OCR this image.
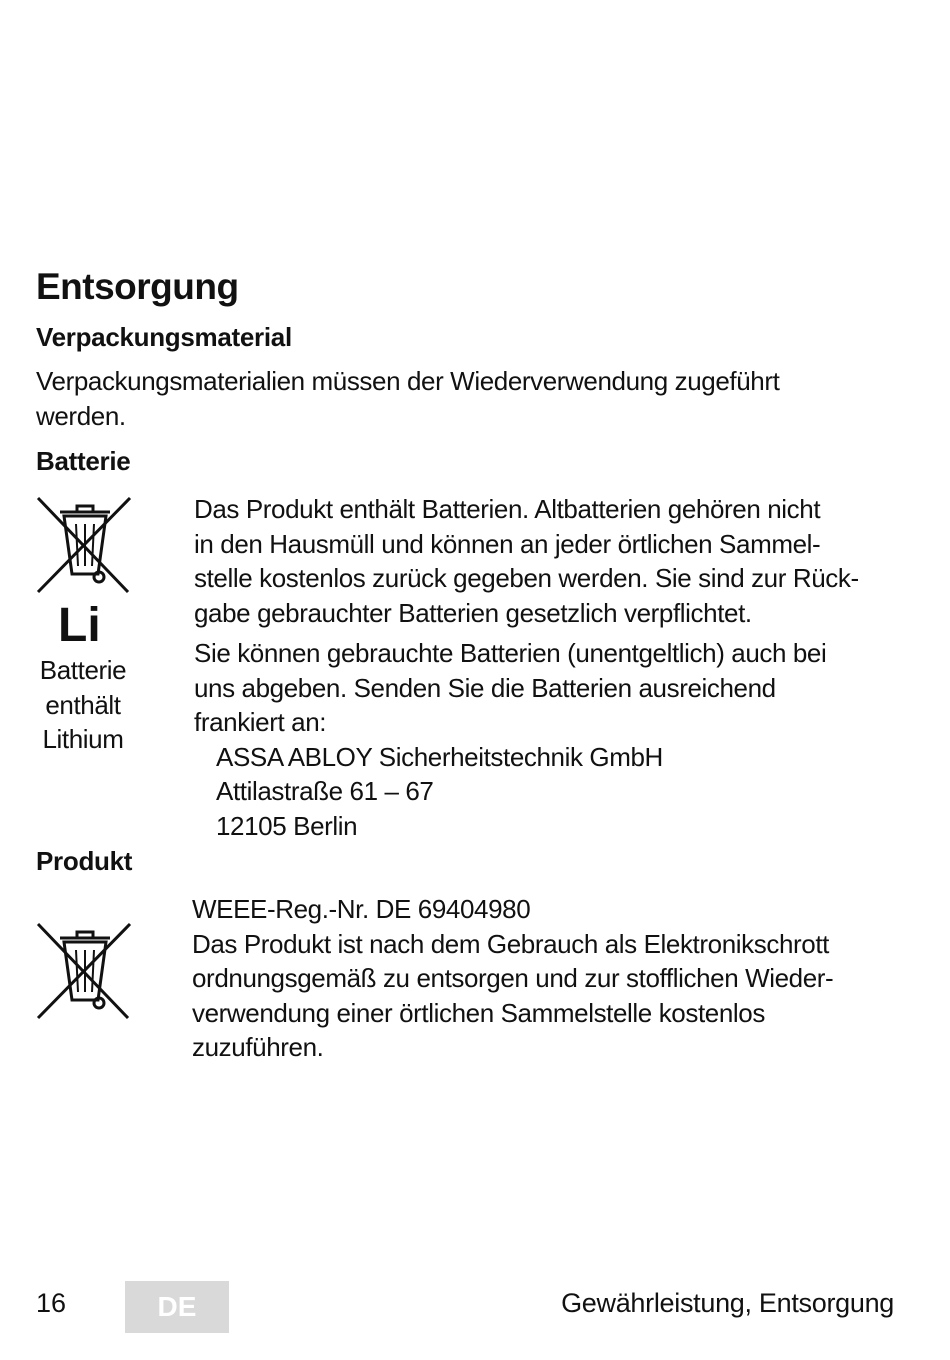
Entsorgung
Verpackungsmaterial
Verpackungsmaterialien müssen der Wiederverwendung zugeführt
werden.
Batterie
Li
Batterie
enthält
Lithium
Das Produkt enthält Batterien. Altbatterien gehören nicht
in den Hausmüll und können an jeder örtlichen Sammel-
stelle kostenlos zurück gegeben werden. Sie sind zur Rück-
gabe gebrauchter Batterien gesetzlich verpflichtet.
Sie können gebrauchte Batterien (unentgeltlich) auch bei
uns abgeben. Senden Sie die Batterien ausreichend
frankiert an:
ASSA ABLOY Sicherheitstechnik GmbH
Attilastraße 61 – 67
12105 Berlin
Produkt
WEEE-Reg.-Nr. DE 69404980
Das Produkt ist nach dem Gebrauch als Elektronikschrott
ordnungsgemäß zu entsorgen und zur stofflichen Wieder-
verwendung einer örtlichen Sammelstelle kostenlos
zuzuführen.
16	DE	Gewährleistung, Entsorgung
